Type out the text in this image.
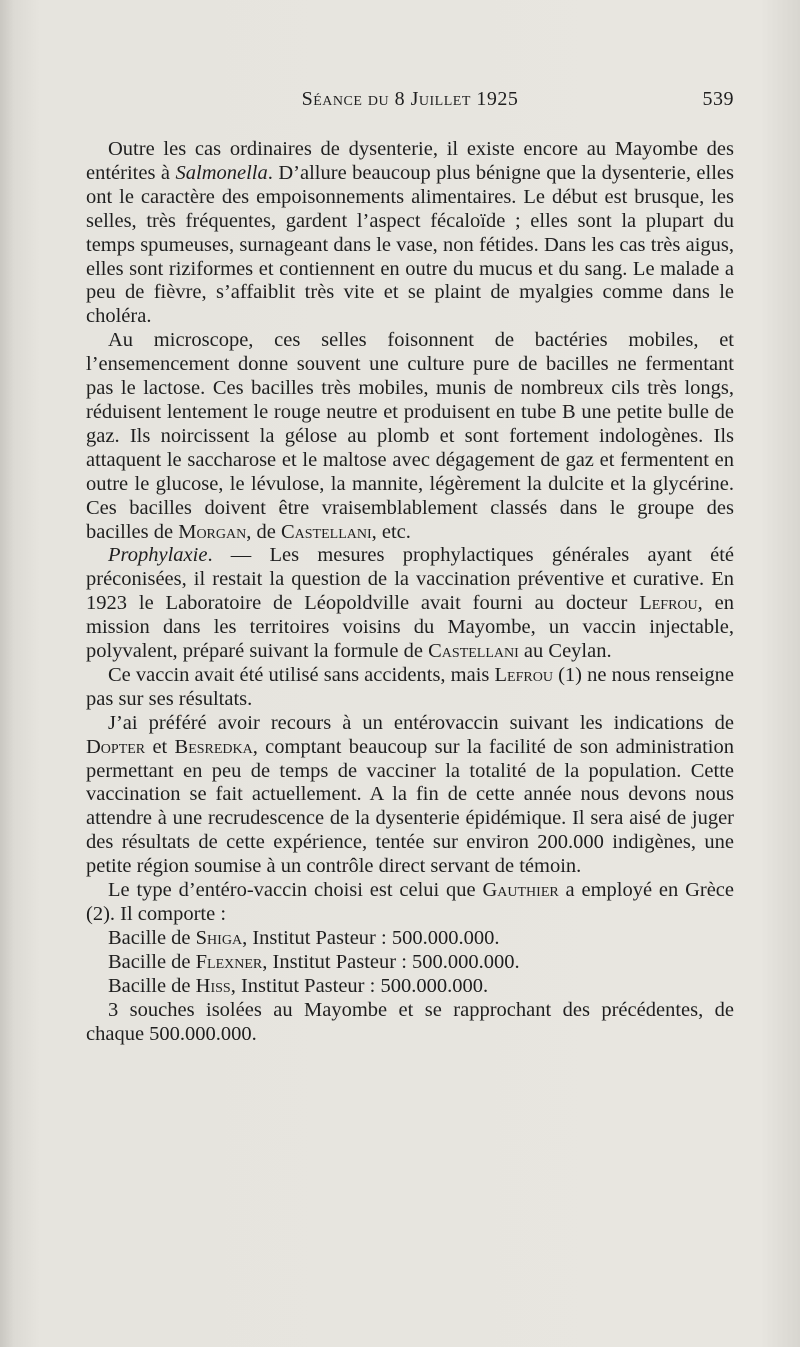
Séance du 8 Juillet 1925	539

Outre les cas ordinaires de dysenterie, il existe encore au Mayombe des entérites à Salmonella. D’allure beaucoup plus bénigne que la dysenterie, elles ont le caractère des empoisonnements alimentaires. Le début est brusque, les selles, très fréquentes, gardent l’aspect fécaloïde ; elles sont la plupart du temps spumeuses, surnageant dans le vase, non fétides. Dans les cas très aigus, elles sont riziformes et contiennent en outre du mucus et du sang. Le malade a peu de fièvre, s’affaiblit très vite et se plaint de myalgies comme dans le choléra.

Au microscope, ces selles foisonnent de bactéries mobiles, et l’ensemencement donne souvent une culture pure de bacilles ne fermentant pas le lactose. Ces bacilles très mobiles, munis de nombreux cils très longs, réduisent lentement le rouge neutre et produisent en tube B une petite bulle de gaz. Ils noircissent la gélose au plomb et sont fortement indologènes. Ils attaquent le saccharose et le maltose avec dégagement de gaz et fermentent en outre le glucose, le lévulose, la mannite, légèrement la dulcite et la glycérine. Ces bacilles doivent être vraisemblablement classés dans le groupe des bacilles de Morgan, de Castellani, etc.

Prophylaxie. — Les mesures prophylactiques générales ayant été préconisées, il restait la question de la vaccination préventive et curative. En 1923 le Laboratoire de Léopoldville avait fourni au docteur Lefrou, en mission dans les territoires voisins du Mayombe, un vaccin injectable, polyvalent, préparé suivant la formule de Castellani au Ceylan.

Ce vaccin avait été utilisé sans accidents, mais Lefrou (1) ne nous renseigne pas sur ses résultats.

J’ai préféré avoir recours à un entérovaccin suivant les indications de Dopter et Besredka, comptant beaucoup sur la facilité de son administration permettant en peu de temps de vacciner la totalité de la population. Cette vaccination se fait actuellement. A la fin de cette année nous devons nous attendre à une recrudescence de la dysenterie épidémique. Il sera aisé de juger des résultats de cette expérience, tentée sur environ 200.000 indigènes, une petite région soumise à un contrôle direct servant de témoin.

Le type d’entéro-vaccin choisi est celui que Gauthier a employé en Grèce (2). Il comporte :

Bacille de Shiga, Institut Pasteur : 500.000.000.

Bacille de Flexner, Institut Pasteur : 500.000.000.

Bacille de Hiss, Institut Pasteur : 500.000.000.

3 souches isolées au Mayombe et se rapprochant des précédentes, de chaque 500.000.000.
